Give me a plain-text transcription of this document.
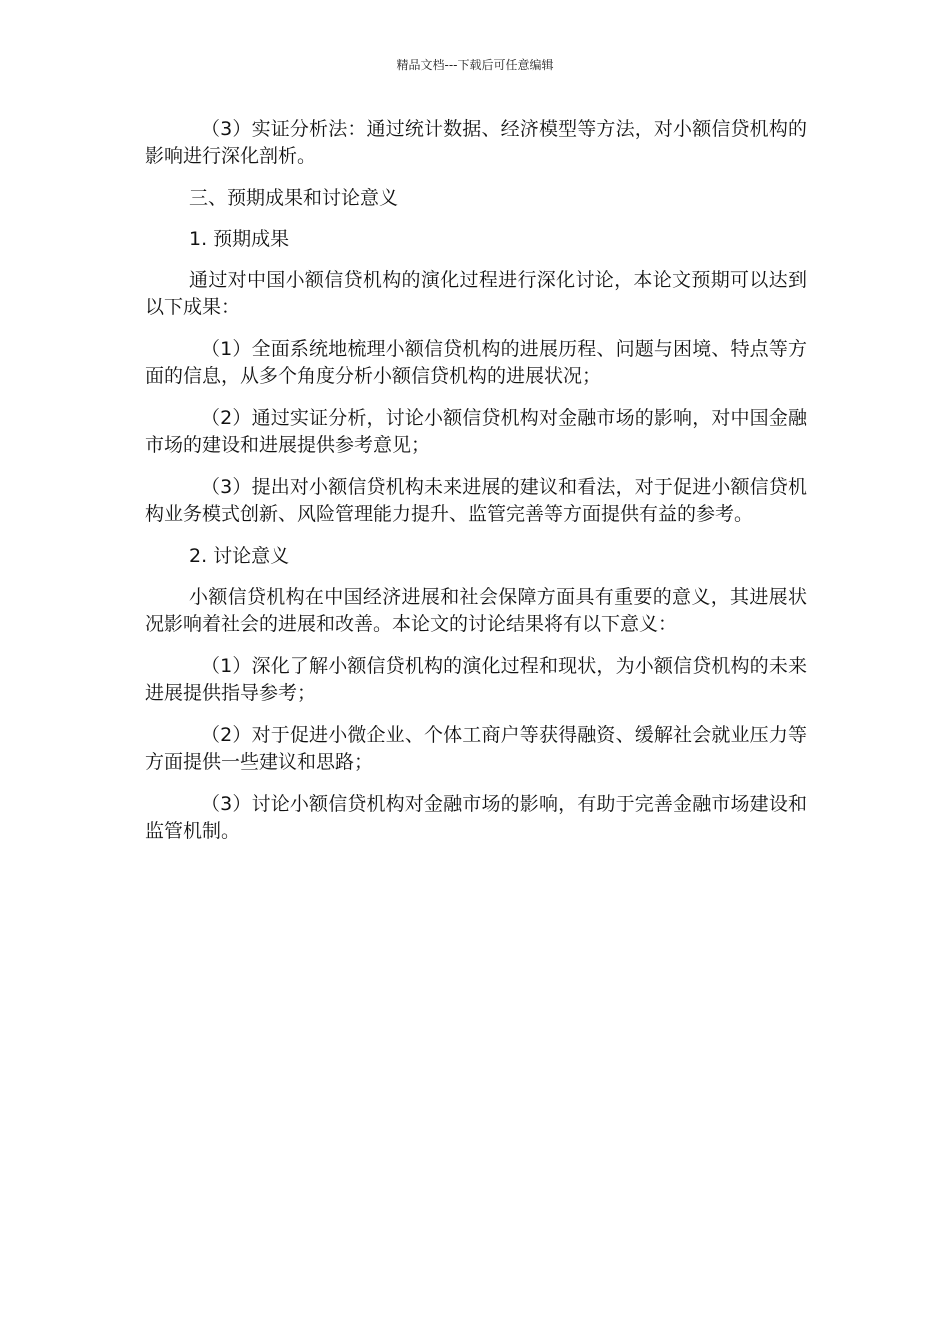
精品文档---下载后可任意编辑

（3）实证分析法：通过统计数据、经济模型等方法，对小额信贷机构的影响进行深化剖析。

三、预期成果和讨论意义

1. 预期成果

通过对中国小额信贷机构的演化过程进行深化讨论，本论文预期可以达到以下成果：

（1）全面系统地梳理小额信贷机构的进展历程、问题与困境、特点等方面的信息，从多个角度分析小额信贷机构的进展状况；

（2）通过实证分析，讨论小额信贷机构对金融市场的影响，对中国金融市场的建设和进展提供参考意见；

（3）提出对小额信贷机构未来进展的建议和看法，对于促进小额信贷机构业务模式创新、风险管理能力提升、监管完善等方面提供有益的参考。

2. 讨论意义

小额信贷机构在中国经济进展和社会保障方面具有重要的意义，其进展状况影响着社会的进展和改善。本论文的讨论结果将有以下意义：

（1）深化了解小额信贷机构的演化过程和现状，为小额信贷机构的未来进展提供指导参考；

（2）对于促进小微企业、个体工商户等获得融资、缓解社会就业压力等方面提供一些建议和思路；

（3）讨论小额信贷机构对金融市场的影响，有助于完善金融市场建设和监管机制。
